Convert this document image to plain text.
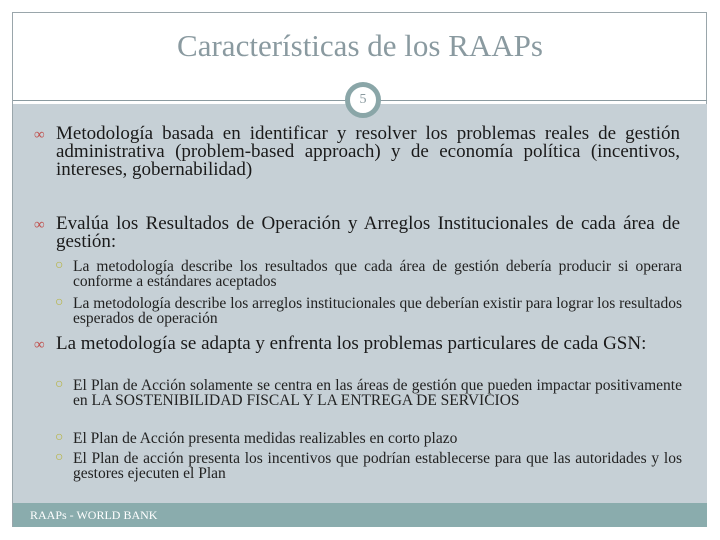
Características de los RAAPs
5
∞ Metodología basada en identificar y resolver los problemas reales de gestión administrativa (problem-based approach) y de economía política (incentivos, intereses, gobernabilidad)
∞ Evalúa los Resultados de Operación y Arreglos Institucionales de cada área de gestión:
○ La metodología describe los resultados que cada área de gestión debería producir si operara conforme a estándares aceptados
○ La metodología describe los arreglos institucionales que deberían existir para lograr los resultados esperados de operación
∞ La metodología se adapta y enfrenta los problemas particulares de cada GSN:
○ El Plan de Acción solamente se centra en las áreas de gestión que pueden impactar positivamente en LA SOSTENIBILIDAD FISCAL Y LA ENTREGA DE SERVICIOS
○ El Plan de Acción presenta medidas realizables en corto plazo
○ El Plan de acción presenta los incentivos que podrían establecerse para que las autoridades y los gestores ejecuten el Plan
RAAPs - WORLD BANK
